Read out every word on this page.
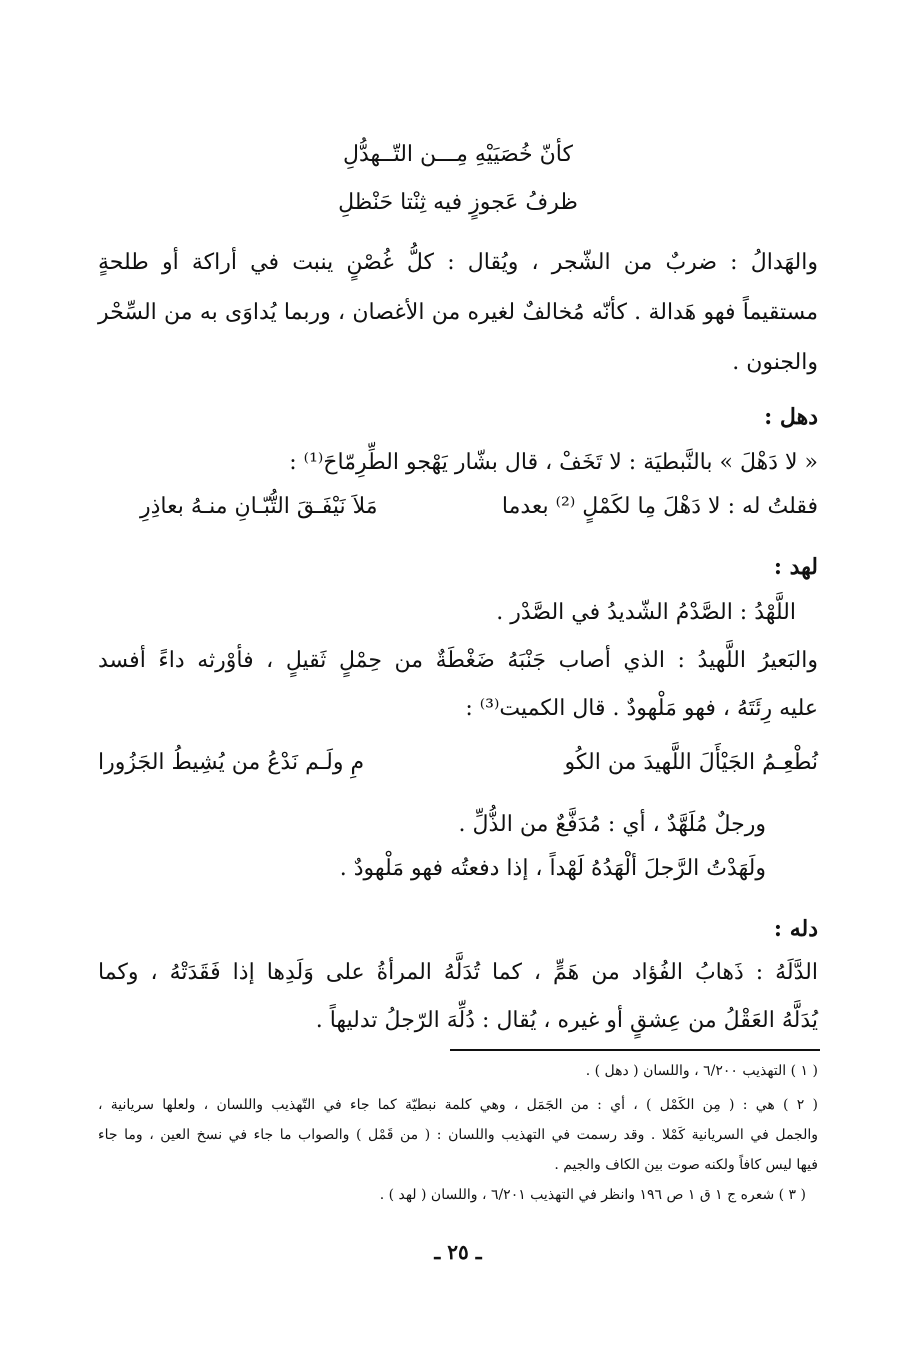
كأنّ خُصَيَيْهِ مِـــن التّــهدُّلِ
ظرفُ عَجوزٍ فيه ثِنْتا حَنْظلِ
والهَدالُ : ضربٌ من الشّجر ، ويُقال : كلُّ غُصْنٍ ينبت في أراكة أو طلحةٍ
مستقيماً فهو هَدالة . كأنّه مُخالفٌ لغيره من الأغصان ، وربما يُداوَى به من السِّحْر
والجنون .
دهل :
« لا دَهْلَ » بالنَّبطيَة : لا تَخَفْ ، قال بشّار يَهْجو الطِّرِمّاحَ⁽¹⁾ :
فقلتُ له : لا دَهْلَ مِا لكَمْلٍ ⁽²⁾ بعدما
مَلاَ نَيْفَـقَ التُّبّـانِ منـهُ بعاذِرِ
لهد :
اللَّهْدُ : الصَّدْمُ الشّديدُ في الصَّدْر .
والبَعيرُ اللَّهيدُ : الذي أصاب جَنْبَهُ ضَغْطَةٌ من حِمْلٍ ثَقيلٍ ، فأوْرثه داءً أفسد
عليه رِئَتَهُ ، فهو مَلْهودٌ . قال الكميت⁽³⁾ :
نُطْعِـمُ الجَيْأَلَ اللَّهيدَ من الكُو
مِ ولَـم نَدْعُ من يُشِيطُ الجَزُورا
ورجلٌ مُلَهَّدٌ ، أي : مُدَفَّعٌ من الذُّلِّ .
ولَهَدْتُ الرَّجلَ ألْهَدُهُ لَهْداً ، إذا دفعتُه فهو مَلْهودٌ .
دله :
الدَّلَهُ : ذَهابُ الفُؤاد من هَمٍّ ، كما تُدَلَّهُ المرأةُ على وَلَدِها إذا فَقَدَتْهُ ، وكما
يُدَلَّهُ العَقْلُ من عِشقٍ أو غيره ، يُقال : دُلِّهَ الرّجلُ تدليهاً .
( ١ ) التهذيب ٦/٢٠٠ ، واللسان ( دهل ) .
( ٢ ) هي : ( مِن الكَمْل ) ، أي : من الجَمَل ، وهي كلمة نبطيّة كما جاء في التّهذيب واللسان ، ولعلها سريانية ،
والجمل في السريانية كَمْلا . وقد رسمت في التهذيب واللسان : ( من قَمْل ) والصواب ما جاء في نسخ العين ، وما جاء
فيها ليس كافاً ولكنه صوت بين الكاف والجيم .
( ٣ ) شعره ج ١ ق ١ ص ١٩٦ وانظر في التهذيب ٦/٢٠١ ، واللسان ( لهد ) .
ـ ٢٥ ـ
